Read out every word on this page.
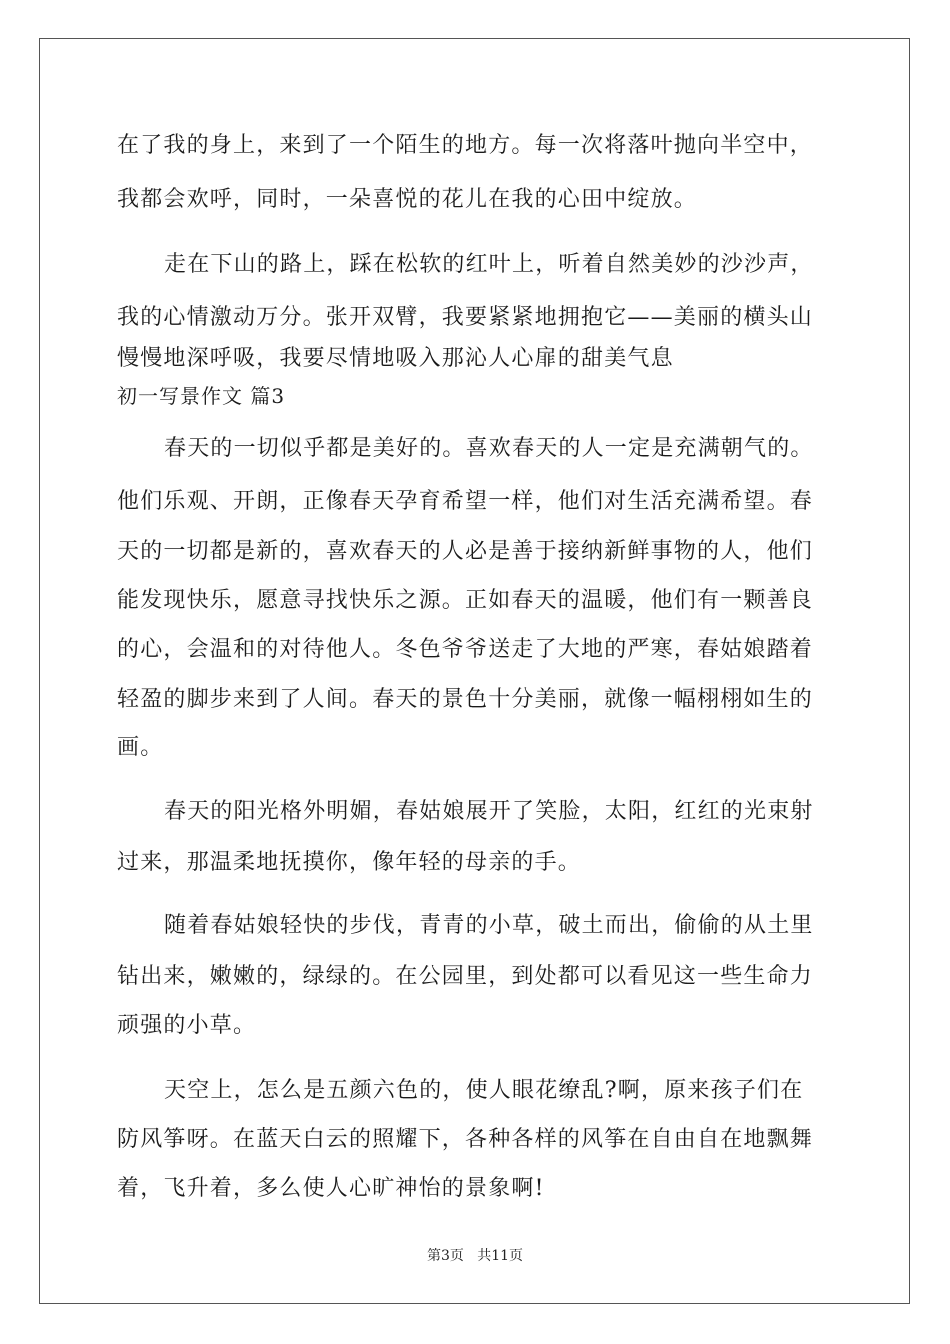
在了我的身上，来到了一个陌生的地方。每一次将落叶抛向半空中，
我都会欢呼，同时，一朵喜悦的花儿在我的心田中绽放。
走在下山的路上，踩在松软的红叶上，听着自然美妙的沙沙声，
我的心情激动万分。张开双臂，我要紧紧地拥抱它——美丽的横头山
慢慢地深呼吸，我要尽情地吸入那沁人心扉的甜美气息
初一写景作文 篇3
春天的一切似乎都是美好的。喜欢春天的人一定是充满朝气的。
他们乐观、开朗，正像春天孕育希望一样，他们对生活充满希望。春
天的一切都是新的，喜欢春天的人必是善于接纳新鲜事物的人，他们
能发现快乐，愿意寻找快乐之源。正如春天的温暖，他们有一颗善良
的心，会温和的对待他人。冬色爷爷送走了大地的严寒，春姑娘踏着
轻盈的脚步来到了人间。春天的景色十分美丽，就像一幅栩栩如生的
画。
春天的阳光格外明媚，春姑娘展开了笑脸，太阳，红红的光束射
过来，那温柔地抚摸你，像年轻的母亲的手。
随着春姑娘轻快的步伐，青青的小草，破土而出，偷偷的从土里
钻出来，嫩嫩的，绿绿的。在公园里，到处都可以看见这一些生命力
顽强的小草。
天空上，怎么是五颜六色的，使人眼花缭乱?啊，原来孩子们在
防风筝呀。在蓝天白云的照耀下，各种各样的风筝在自由自在地飘舞
着，飞升着，多么使人心旷神怡的景象啊!
第3页   共11页
